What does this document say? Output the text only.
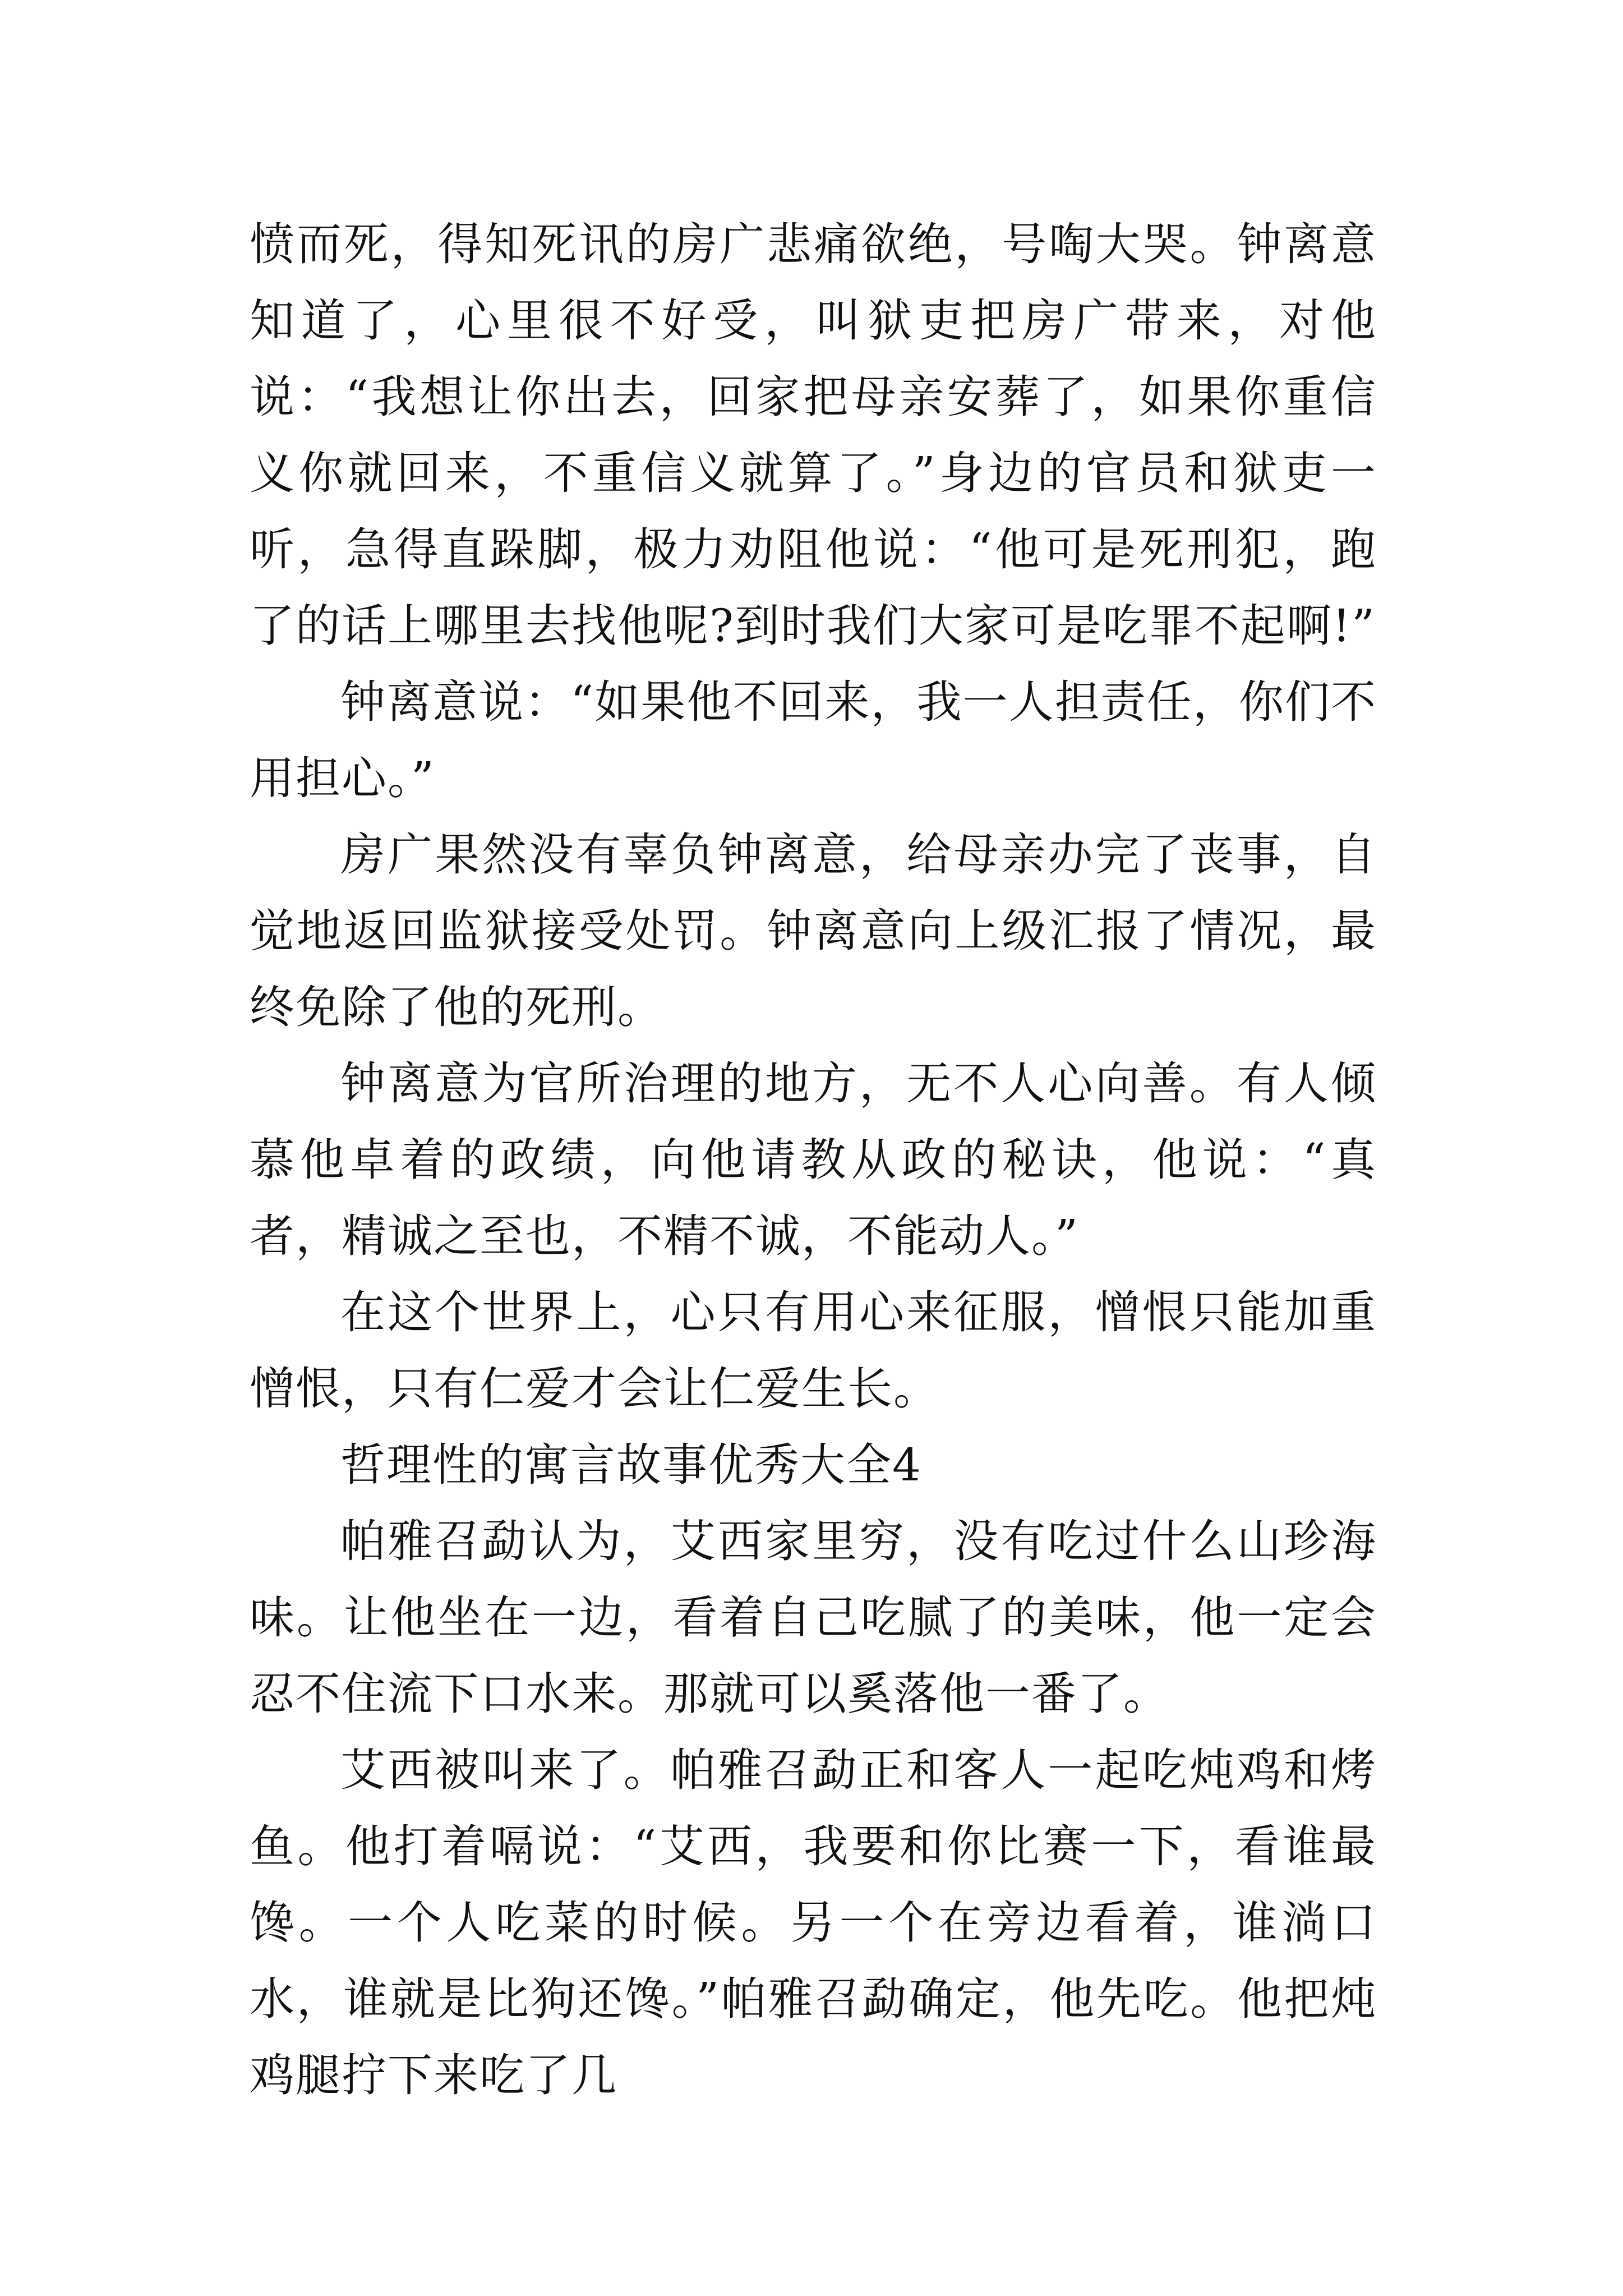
愤而死，得知死讯的房广悲痛欲绝，号啕大哭。钟离意知道了，心里很不好受，叫狱吏把房广带来，对他说：“我想让你出去，回家把母亲安葬了，如果你重信义你就回来，不重信义就算了。”身边的官员和狱吏一听，急得直跺脚，极力劝阻他说：“他可是死刑犯，跑了的话上哪里去找他呢?到时我们大家可是吃罪不起啊!”

钟离意说：“如果他不回来，我一人担责任，你们不用担心。”

房广果然没有辜负钟离意，给母亲办完了丧事，自觉地返回监狱接受处罚。钟离意向上级汇报了情况，最终免除了他的死刑。

钟离意为官所治理的地方，无不人心向善。有人倾慕他卓着的政绩，向他请教从政的秘诀，他说：“真者，精诚之至也，不精不诚，不能动人。”

在这个世界上，心只有用心来征服，憎恨只能加重憎恨，只有仁爱才会让仁爱生长。

哲理性的寓言故事优秀大全4

帕雅召勐认为，艾西家里穷，没有吃过什么山珍海味。让他坐在一边，看着自己吃腻了的美味，他一定会忍不住流下口水来。那就可以奚落他一番了。

艾西被叫来了。帕雅召勐正和客人一起吃炖鸡和烤鱼。他打着嗝说：“艾西，我要和你比赛一下，看谁最馋。一个人吃菜的时候。另一个在旁边看着，谁淌口水，谁就是比狗还馋。”帕雅召勐确定，他先吃。他把炖鸡腿拧下来吃了几
